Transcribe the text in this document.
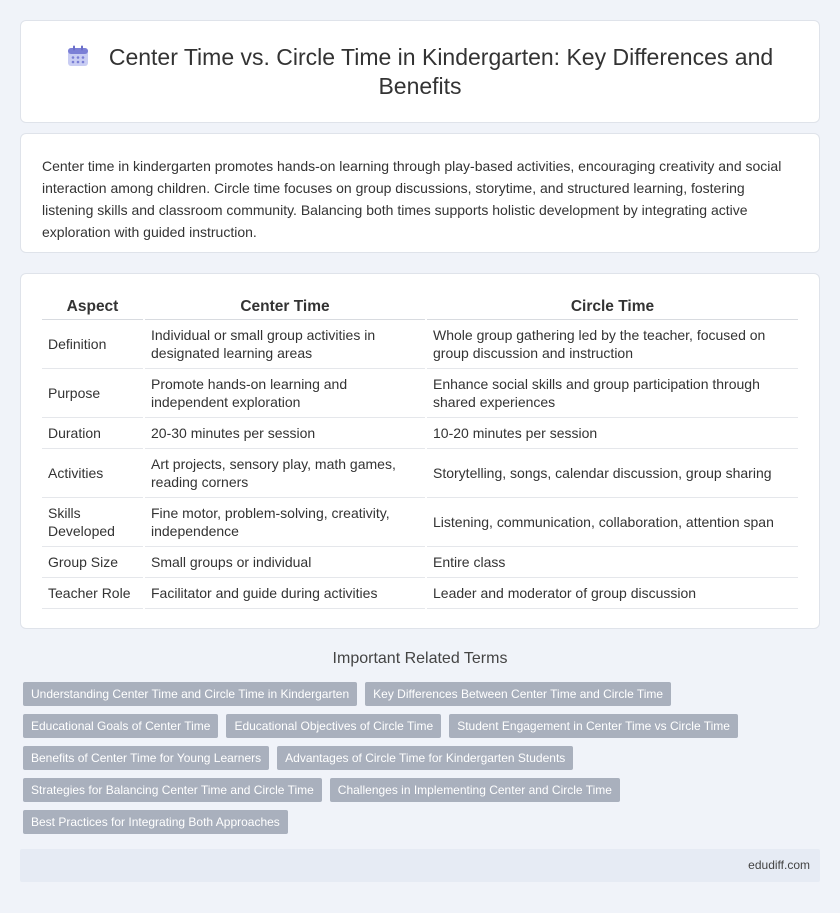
Center Time vs. Circle Time in Kindergarten: Key Differences and Benefits

Center time in kindergarten promotes hands-on learning through play-based activities, encouraging creativity and social interaction among children. Circle time focuses on group discussions, storytime, and structured learning, fostering listening skills and classroom community. Balancing both times supports holistic development by integrating active exploration with guided instruction.

Aspect	Center Time	Circle Time
Definition	Individual or small group activities in designated learning areas	Whole group gathering led by the teacher, focused on group discussion and instruction
Purpose	Promote hands-on learning and independent exploration	Enhance social skills and group participation through shared experiences
Duration	20-30 minutes per session	10-20 minutes per session
Activities	Art projects, sensory play, math games, reading corners	Storytelling, songs, calendar discussion, group sharing
Skills Developed	Fine motor, problem-solving, creativity, independence	Listening, communication, collaboration, attention span
Group Size	Small groups or individual	Entire class
Teacher Role	Facilitator and guide during activities	Leader and moderator of group discussion
Important Related Terms
Understanding Center Time and Circle Time in Kindergarten	Key Differences Between Center Time and Circle Time
Educational Goals of Center Time	Educational Objectives of Circle Time	Student Engagement in Center Time vs Circle Time
Benefits of Center Time for Young Learners	Advantages of Circle Time for Kindergarten Students
Strategies for Balancing Center Time and Circle Time	Challenges in Implementing Center and Circle Time
Best Practices for Integrating Both Approaches
edudiff.com
